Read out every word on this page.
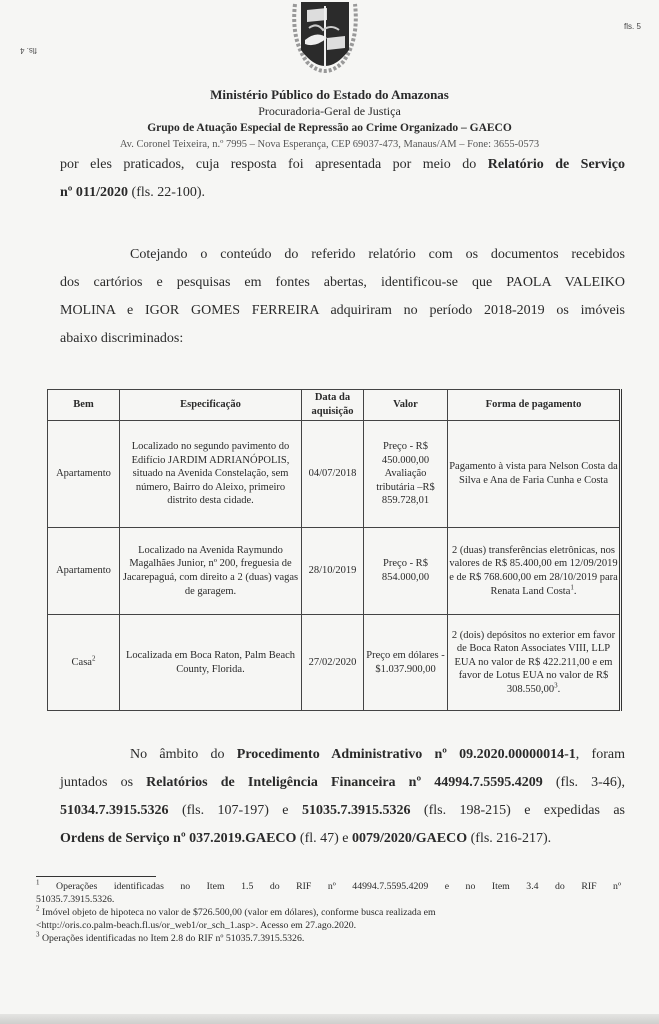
fls. 5
fls. 4
Ministério Público do Estado do Amazonas
Procuradoria-Geral de Justiça
Grupo de Atuação Especial de Repressão ao Crime Organizado – GAECO
Av. Coronel Teixeira, n.º 7995 – Nova Esperança, CEP 69037-473, Manaus/AM – Fone: 3655-0573
por eles praticados, cuja resposta foi apresentada por meio do Relatório de Serviço
nº 011/2020 (fls. 22-100).
Cotejando o conteúdo do referido relatório com os documentos recebidos
dos cartórios e pesquisas em fontes abertas, identificou-se que PAOLA VALEIKO
MOLINA e IGOR GOMES FERREIRA adquiriram no período 2018-2019 os imóveis
abaixo discriminados:
Bem	Especificação	Data da aquisição	Valor	Forma de pagamento
Apartamento	Localizado no segundo pavimento do Edifício JARDIM ADRIANÓPOLIS, situado na Avenida Constelação, sem número, Bairro do Aleixo, primeiro distrito desta cidade.	04/07/2018	Preço - R$ 450.000,00 Avaliação tributária –R$ 859.728,01	Pagamento à vista para Nelson Costa da Silva e Ana de Faria Cunha e Costa
Apartamento	Localizado na Avenida Raymundo Magalhães Junior, nº 200, freguesia de Jacarepaguá, com direito a 2 (duas) vagas de garagem.	28/10/2019	Preço - R$ 854.000,00	2 (duas) transferências eletrônicas, nos valores de R$ 85.400,00 em 12/09/2019 e de R$ 768.600,00 em 28/10/2019 para Renata Land Costa$^1$.
Casa$^2$	Localizada em Boca Raton, Palm Beach County, Florida.	27/02/2020	Preço em dólares - $1.037.900,00	2 (dois) depósitos no exterior em favor de Boca Raton Associates VIII, LLP EUA no valor de R$ 422.211,00 e em favor de Lotus EUA no valor de R$ 308.550,00$^3$.
No âmbito do Procedimento Administrativo nº 09.2020.00000014-1, foram
juntados os Relatórios de Inteligência Financeira nº 44994.7.5595.4209 (fls. 3-46),
51034.7.3915.5326 (fls. 107-197) e 51035.7.3915.5326 (fls. 198-215) e expedidas as
Ordens de Serviço nº 037.2019.GAECO (fl. 47) e 0079/2020/GAECO (fls. 216-217).
$^1$ Operações identificadas no Item 1.5 do RIF nº 44994.7.5595.4209 e no Item 3.4 do RIF nº
51035.7.3915.5326.
$^2$ Imóvel objeto de hipoteca no valor de $726.500,00 (valor em dólares), conforme busca realizada em
<http://oris.co.palm-beach.fl.us/or_web1/or_sch_1.asp>. Acesso em 27.ago.2020.
$^3$ Operações identificadas no Item 2.8 do RIF nº 51035.7.3915.5326.
